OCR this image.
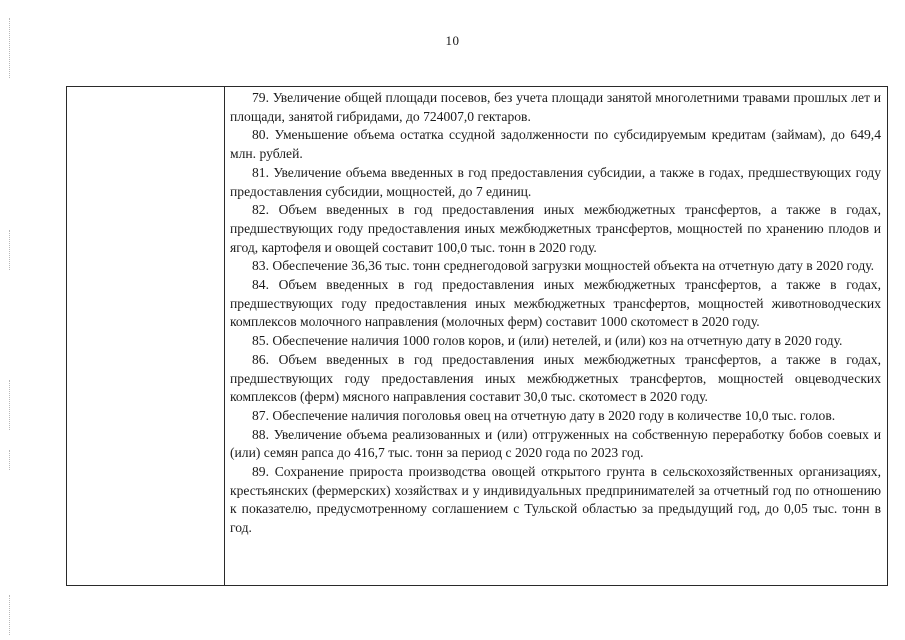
10

79. Увеличение общей площади посевов, без учета площади занятой многолетними травами прошлых лет и площади, занятой гибридами, до 724007,0 гектаров.

80. Уменьшение объема остатка ссудной задолженности по субсидируемым кредитам (займам), до 649,4 млн. рублей.

81. Увеличение объема введенных в год предоставления субсидии, а также в годах, предшествующих году предоставления субсидии, мощностей, до 7 единиц.

82. Объем введенных в год предоставления иных межбюджетных трансфертов, а также в годах, предшествующих году предоставления иных межбюджетных трансфертов, мощностей по хранению плодов и ягод, картофеля и овощей составит 100,0 тыс. тонн в 2020 году.

83. Обеспечение 36,36 тыс. тонн среднегодовой загрузки мощностей объекта на отчетную дату в 2020 году.

84. Объем введенных в год предоставления иных межбюджетных трансфертов, а также в годах, предшествующих году предоставления иных межбюджетных трансфертов, мощностей животноводческих комплексов молочного направления (молочных ферм) составит 1000 скотомест в 2020 году.

85. Обеспечение наличия 1000 голов коров, и (или) нетелей, и (или) коз на отчетную дату в 2020 году.

86. Объем введенных в год предоставления иных межбюджетных трансфертов, а также в годах, предшествующих году предоставления иных межбюджетных трансфертов, мощностей овцеводческих комплексов (ферм) мясного направления составит 30,0 тыс. скотомест в 2020 году.

87. Обеспечение наличия поголовья овец на отчетную дату в 2020 году в количестве 10,0 тыс. голов.

88. Увеличение объема реализованных и (или) отгруженных на собственную переработку бобов соевых и (или) семян рапса до 416,7 тыс. тонн за период с 2020 года по 2023 год.

89. Сохранение прироста производства овощей открытого грунта в сельскохозяйственных организациях, крестьянских (фермерских) хозяйствах и у индивидуальных предпринимателей за отчетный год по отношению к показателю, предусмотренному соглашением с Тульской областью за предыдущий год, до 0,05 тыс. тонн в год.
